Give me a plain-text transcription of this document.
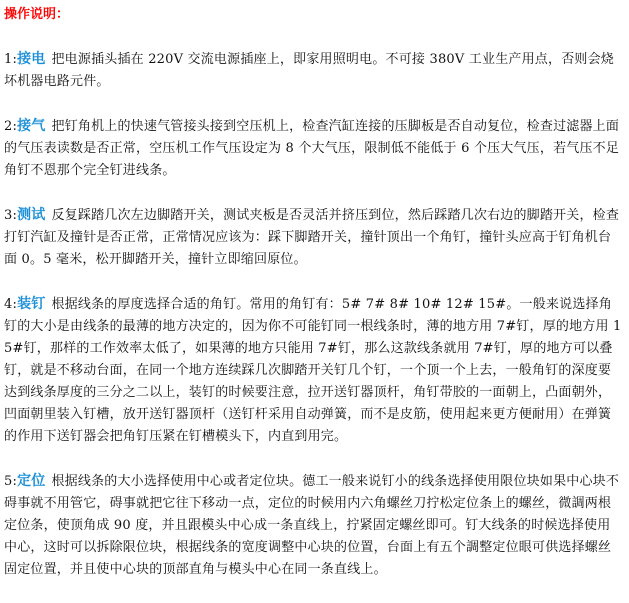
操作说明：
1:接电 把电源插头插在 220V 交流电源插座上，即家用照明电。不可接 380V 工业生产用点，否则会烧坏机器电路元件。
2:接气 把钉角机上的快速气管接头接到空压机上，检查汽缸连接的压脚板是否自动复位，检查过滤器上面的气压表读数是否正常，空压机工作气压设定为 8 个大气压，限制低不能低于 6 个压大气压，若气压不足角钉不恩那个完全钉进线条。
3:测试 反复踩踏几次左边脚踏开关，测试夹板是否灵活并挤压到位，然后踩踏几次右边的脚踏开关，检查打钉汽缸及撞针是否正常，正常情况应该为：踩下脚踏开关，撞针顶出一个角钉，撞针头应高于钉角机台面 0。5 毫米，松开脚踏开关，撞针立即缩回原位。
4:装钉 根据线条的厚度选择合适的角钉。常用的角钉有：5# 7# 8# 10# 12# 15#。一般来说选择角钉的大小是由线条的最薄的地方决定的，因为你不可能钉同一根线条时，薄的地方用 7#钉，厚的地方用 15#钉，那样的工作效率太低了，如果薄的地方只能用 7#钉，那么这款线条就用 7#钉，厚的地方可以叠钉，就是不移动台面，在同一个地方连续踩几次脚踏开关钉几个钉，一个顶一个上去，一般角钉的深度要达到线条厚度的三分之二以上，装钉的时候要注意，拉开送钉器顶杆，角钉带胶的一面朝上，凸面朝外，凹面朝里装入钉槽，放开送钉器顶杆（送钉杆采用自动弹簧，而不是皮筋，使用起来更方便耐用）在弹簧的作用下送钉器会把角钉压紧在钉槽模头下，内直到用完。
5:定位 根据线条的大小选择使用中心或者定位块。德工一般来说钉小的线条选择使用限位块如果中心块不碍事就不用管它，碍事就把它往下移动一点，定位的时候用内六角螺丝刀拧松定位条上的螺丝，微調两根定位条，使顶角成 90 度，并且跟模头中心成一条直线上，拧紧固定螺丝即可。钉大线条的时候选择使用中心，这时可以拆除限位块，根据线条的宽度调整中心块的位置，台面上有五个調整定位眼可供选择螺丝固定位置，并且使中心块的顶部直角与模头中心在同一条直线上。
